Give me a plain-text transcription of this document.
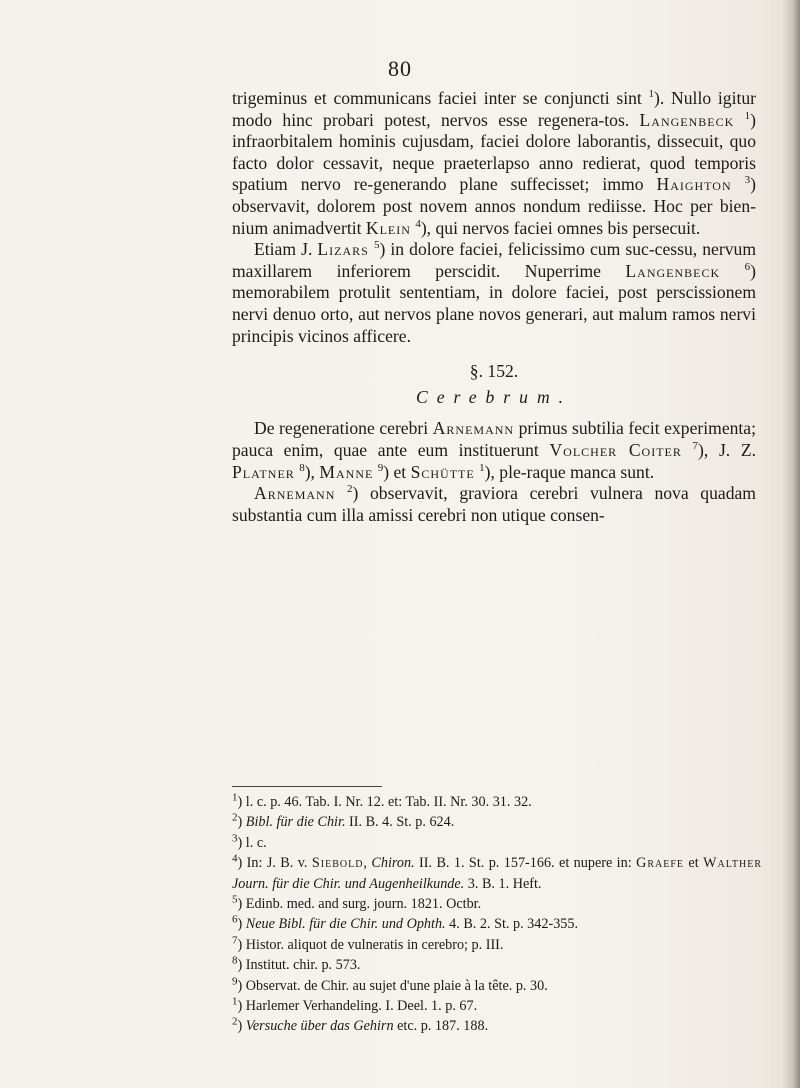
80

trigeminus et communicans faciei inter se conjuncti sint $^1$). Nullo igitur modo hinc probari potest, nervos esse regenera-tos. Langenbeck $^1$) infraorbitalem hominis cujusdam, faciei dolore laborantis, dissecuit, quo facto dolor cessavit, neque praeterlapso anno redierat, quod temporis spatium nervo re-generando plane suffecisset; immo Haighton $^3$) observavit, dolorem post novem annos nondum rediisse. Hoc per bien-nium animadvertit Klein $^4$), qui nervos faciei omnes bis persecuit.

Etiam J. Lizars $^5$) in dolore faciei, felicissimo cum suc-cessu, nervum maxillarem inferiorem perscidit. Nuperrime Langenbeck $^6$) memorabilem protulit sententiam, in dolore faciei, post perscissionem nervi denuo orto, aut nervos plane novos generari, aut malum ramos nervi principis vicinos afficere.

§. 152.
Cerebrum.

De regeneratione cerebri Arnemann primus subtilia fecit experimenta; pauca enim, quae ante eum instituerunt Volcher Coiter $^7$), J. Z. Platner $^8$), Manne $^9$) et Schütte $^1$), ple-raque manca sunt.

Arnemann $^2$) observavit, graviora cerebri vulnera nova quadam substantia cum illa amissi cerebri non utique consen-

$^1$) l. c. p. 46. Tab. I. Nr. 12. et: Tab. II. Nr. 30. 31. 32.

$^2$) Bibl. für die Chir. II. B. 4. St. p. 624.

$^3$) l. c.

$^4$) In: J. B. v. Siebold, Chiron. II. B. 1. St. p. 157-166. et nupere in: Graefe et Walther Journ. für die Chir. und Augenheilkunde. 3. B. 1. Heft.

$^5$) Edinb. med. and surg. journ. 1821. Octbr.

$^6$) Neue Bibl. für die Chir. und Ophth. 4. B. 2. St. p. 342-355.

$^7$) Histor. aliquot de vulneratis in cerebro; p. III.

$^8$) Institut. chir. p. 573.

$^9$) Observat. de Chir. au sujet d'une plaie à la tête. p. 30.

$^1$) Harlemer Verhandeling. I. Deel. 1. p. 67.

$^2$) Versuche über das Gehirn etc. p. 187. 188.
